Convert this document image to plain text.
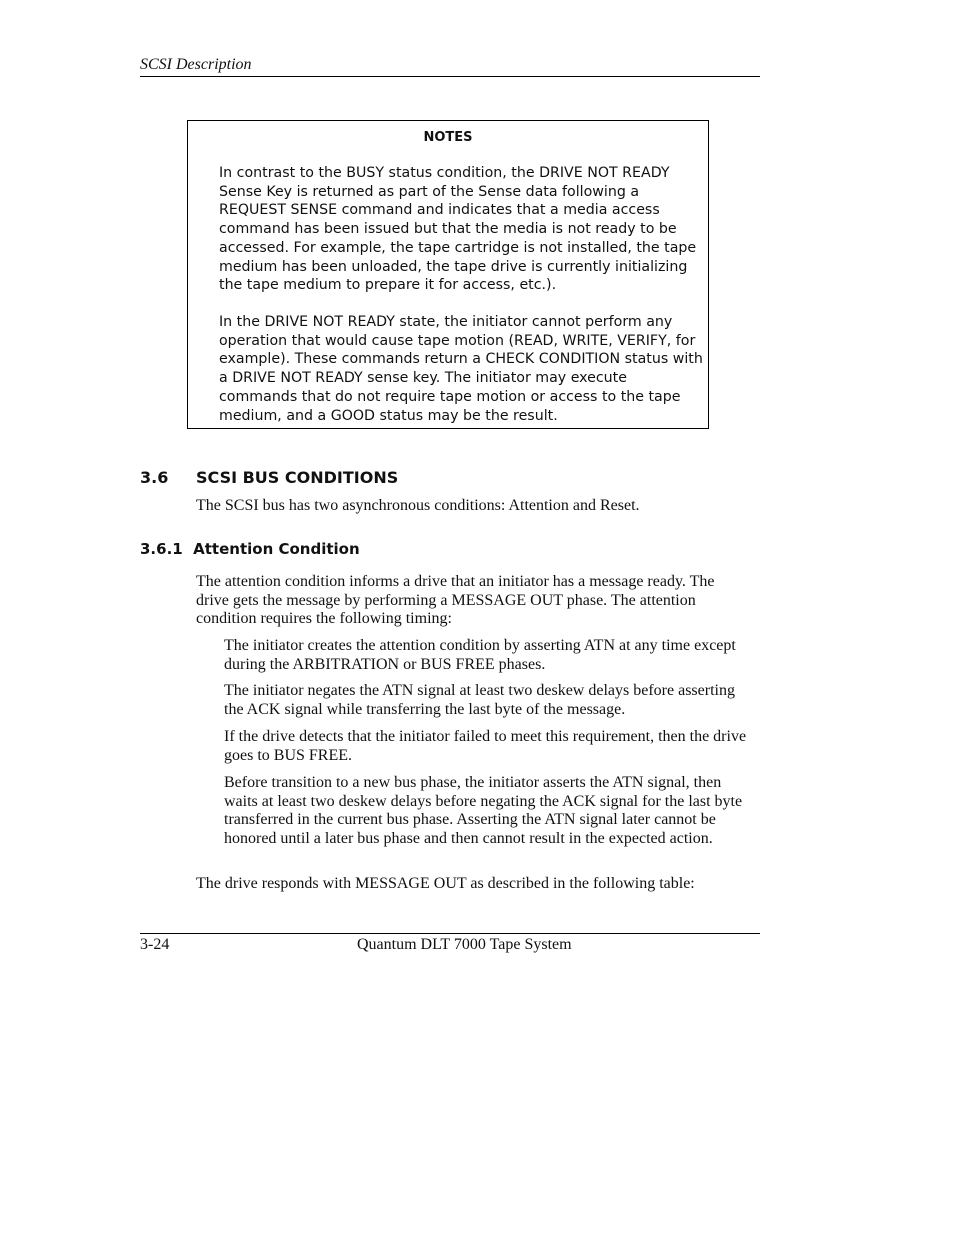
SCSI Description
NOTES

In contrast to the BUSY status condition, the DRIVE NOT READY Sense Key is returned as part of the Sense data following a REQUEST SENSE command and indicates that a media access command has been issued but that the media is not ready to be accessed. For example, the tape cartridge is not installed, the tape medium has been unloaded, the tape drive is currently initializing the tape medium to prepare it for access, etc.).

In the DRIVE NOT READY state, the initiator cannot perform any operation that would cause tape motion (READ, WRITE, VERIFY, for example). These commands return a CHECK CONDITION status with a DRIVE NOT READY sense key. The initiator may execute commands that do not require tape motion or access to the tape medium, and a GOOD status may be the result.

3.6 SCSI BUS CONDITIONS

The SCSI bus has two asynchronous conditions: Attention and Reset.

3.6.1  Attention Condition

The attention condition informs a drive that an initiator has a message ready. The drive gets the message by performing a MESSAGE OUT phase. The attention condition requires the following timing:

The initiator creates the attention condition by asserting ATN at any time except during the ARBITRATION or BUS FREE phases.

The initiator negates the ATN signal at least two deskew delays before asserting the ACK signal while transferring the last byte of the message.

If the drive detects that the initiator failed to meet this requirement, then the drive goes to BUS FREE.

Before transition to a new bus phase, the initiator asserts the ATN signal, then waits at least two deskew delays before negating the ACK signal for the last byte transferred in the current bus phase. Asserting the ATN signal later cannot be honored until a later bus phase and then cannot result in the expected action.

The drive responds with MESSAGE OUT as described in the following table:

3-24	Quantum DLT 7000 Tape System
